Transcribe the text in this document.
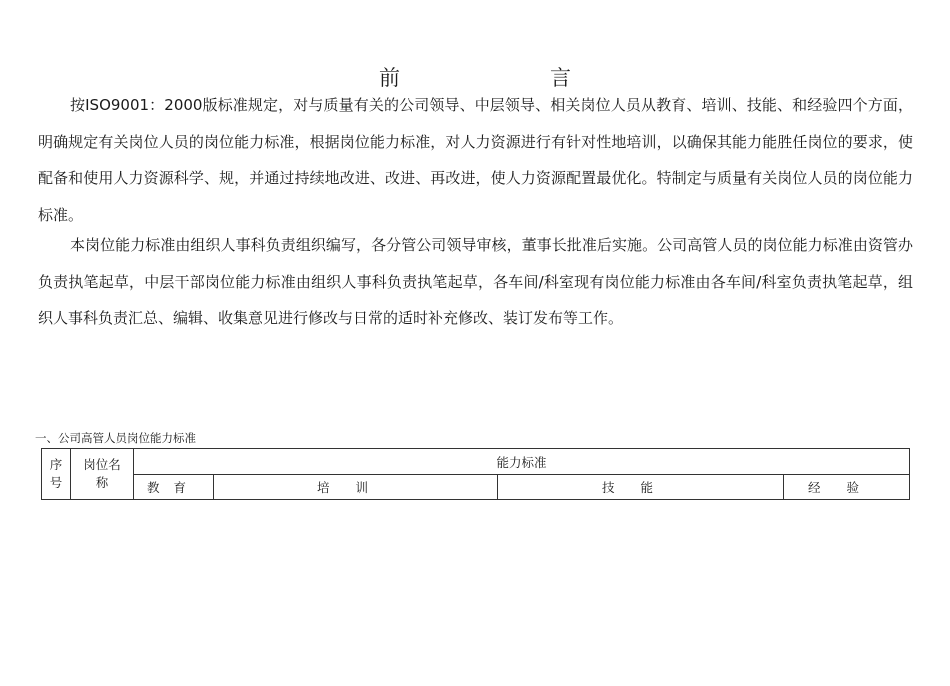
前	言

按ISO9001：2000版标准规定，对与质量有关的公司领导、中层领导、相关岗位人员从教育、培训、技能、和经验四个方面，明确规定有关岗位人员的岗位能力标准，根据岗位能力标准，对人力资源进行有针对性地培训，以确保其能力能胜任岗位的要求，使配备和使用人力资源科学、规，并通过持续地改进、改进、再改进，使人力资源配置最优化。特制定与质量有关岗位人员的岗位能力标准。

本岗位能力标准由组织人事科负责组织编写，各分管公司领导审核，董事长批准后实施。公司高管人员的岗位能力标准由资管办负责执笔起草，中层干部岗位能力标准由组织人事科负责执笔起草，各车间/科室现有岗位能力标准由各车间/科室负责执笔起草，组织人事科负责汇总、编辑、收集意见进行修改与日常的适时补充修改、装订发布等工作。

一、公司高管人员岗位能力标准
序号	岗位名称	能力标准			
		教育	培训	技能	经验
